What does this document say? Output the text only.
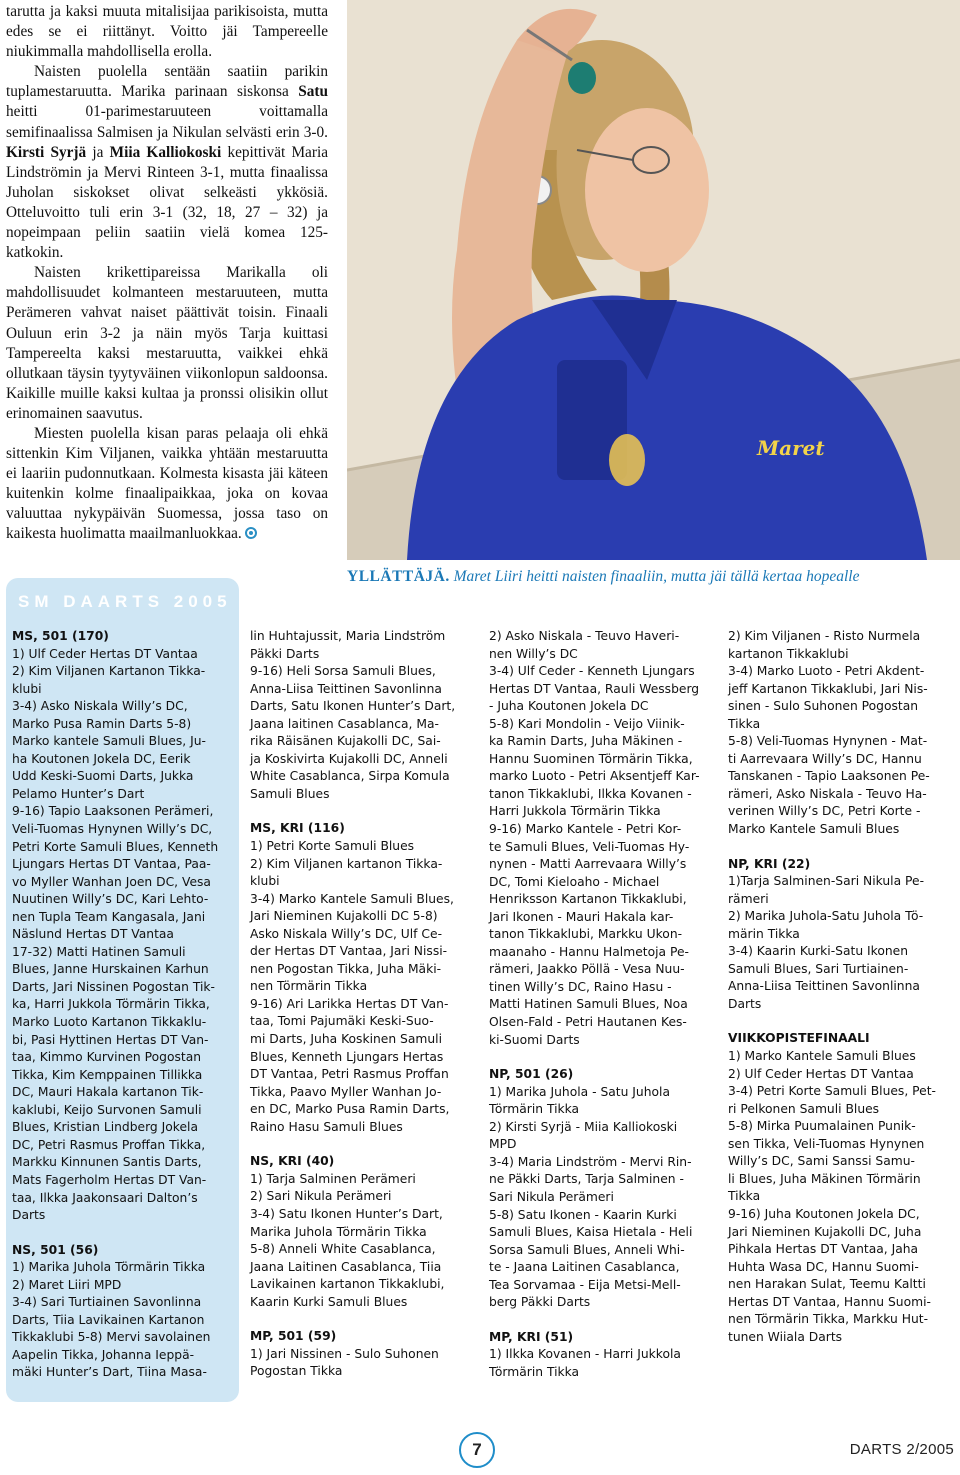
tarutta ja kaksi muuta mitalisijaa parikisoista, mutta edes se ei riittänyt. Voitto jäi Tampereelle niukimmalla mahdollisella erolla.

Naisten puolella sentään saatiin parikin tuplamestaruutta. Marika parinaan siskonsa Satu heitti 01-parimestaruuteen voittamalla semifinaalissa Salmisen ja Nikulan selvästi erin 3-0. Kirsti Syrjä ja Miia Kalliokoski kepittivät Maria Lindströmin ja Mervi Rinteen 3-1, mutta finaalissa Juholan siskokset olivat selkeästi ykkösiä. Otteluvoitto tuli erin 3-1 (32, 18, 27 – 32) ja nopeimpaan peliin saatiin vielä komea 125-katkokin.

Naisten krikettipareissa Marikalla oli mahdollisuudet kolmanteen mestaruuteen, mutta Perämeren vahvat naiset päättivät toisin. Finaali Ouluun erin 3-2 ja näin myös Tarja kuittasi Tampereelta kaksi mestaruutta, vaikkei ehkä ollutkaan täysin tyytyväinen viikonlopun saldoonsa. Kaikille muille kaksi kultaa ja pronssi olisikin ollut erinomainen saavutus.

Miesten puolella kisan paras pelaaja oli ehkä sittenkin Kim Viljanen, vaikka yhtään mestaruutta ei laariin pudonnutkaan. Kolmesta kisasta jäi käteen kuitenkin kolme finaalipaikkaa, joka on kovaa valuuttaa nykypäivän Suomessa, jossa taso on kaikesta huolimatta maailmanluokkaa.

Maret
YLLÄTTÄJÄ. Maret Liiri heitti naisten finaaliin, mutta jäi tällä kertaa hopealle
SM DAARTS 2005
MS, 501 (170)
1) Ulf Ceder Hertas DT Vantaa
2) Kim Viljanen Kartanon Tikka-
klubi
3-4) Asko Niskala Willy’s DC,
Marko Pusa Ramin Darts 5-8)
Marko kantele Samuli Blues, Ju-
ha Koutonen Jokela DC, Eerik
Udd Keski-Suomi Darts, Jukka
Pelamo Hunter’s Dart
9-16) Tapio Laaksonen Perämeri,
Veli-Tuomas Hynynen Willy’s DC,
Petri Korte Samuli Blues, Kenneth
Ljungars Hertas DT Vantaa, Paa-
vo Myller Wanhan Joen DC, Vesa
Nuutinen Willy’s DC, Kari Lehto-
nen Tupla Team Kangasala, Jani
Näslund Hertas DT Vantaa
17-32) Matti Hatinen Samuli
Blues, Janne Hurskainen Karhun
Darts, Jari Nissinen Pogostan Tik-
ka, Harri Jukkola Törmärin Tikka,
Marko Luoto Kartanon Tikkaklu-
bi, Pasi Hyttinen Hertas DT Van-
taa, Kimmo Kurvinen Pogostan
Tikka, Kim Kemppainen Tillikka
DC, Mauri Hakala kartanon Tik-
kaklubi, Keijo Survonen Samuli
Blues, Kristian Lindberg Jokela
DC, Petri Rasmus Proffan Tikka,
Markku Kinnunen Santis Darts,
Mats Fagerholm Hertas DT Van-
taa, Ilkka Jaakonsaari Dalton’s
Darts
NS, 501 (56)
1) Marika Juhola Törmärin Tikka
2) Maret Liiri MPD
3-4) Sari Turtiainen Savonlinna
Darts, Tiia Lavikainen Kartanon
Tikkaklubi 5-8) Mervi savolainen
Aapelin Tikka, Johanna Ieppä-
mäki Hunter’s Dart, Tiina Masa-
lin Huhtajussit, Maria Lindström
Päkki Darts
9-16) Heli Sorsa Samuli Blues,
Anna-Liisa Teittinen Savonlinna
Darts, Satu Ikonen Hunter’s Dart,
Jaana laitinen Casablanca, Ma-
rika Räisänen Kujakolli DC, Sai-
ja Koskivirta Kujakolli DC, Anneli
White Casablanca, Sirpa Komula
Samuli Blues
MS, KRI (116)
1) Petri Korte Samuli Blues
2) Kim Viljanen kartanon Tikka-
klubi
3-4) Marko Kantele Samuli Blues,
Jari Nieminen Kujakolli DC 5-8)
Asko Niskala Willy’s DC, Ulf Ce-
der Hertas DT Vantaa, Jari Nissi-
nen Pogostan Tikka, Juha Mäki-
nen Törmärin Tikka
9-16) Ari Larikka Hertas DT Van-
taa, Tomi Pajumäki Keski-Suo-
mi Darts, Juha Koskinen Samuli
Blues, Kenneth Ljungars Hertas
DT Vantaa, Petri Rasmus Proffan
Tikka, Paavo Myller Wanhan Jo-
en DC, Marko Pusa Ramin Darts,
Raino Hasu Samuli Blues
NS, KRI (40)
1) Tarja Salminen Perämeri
2) Sari Nikula Perämeri
3-4) Satu Ikonen Hunter’s Dart,
Marika Juhola Törmärin Tikka
5-8) Anneli White Casablanca,
Jaana Laitinen Casablanca, Tiia
Lavikainen kartanon Tikkaklubi,
Kaarin Kurki Samuli Blues
MP, 501 (59)
1) Jari Nissinen - Sulo Suhonen
Pogostan Tikka
2) Asko Niskala - Teuvo Haveri-
nen Willy’s DC
3-4) Ulf Ceder - Kenneth Ljungars
Hertas DT Vantaa, Rauli Wessberg
- Juha Koutonen Jokela DC
5-8) Kari Mondolin - Veijo Viinik-
ka Ramin Darts, Juha Mäkinen -
Hannu Suominen Törmärin Tikka,
marko Luoto - Petri Aksentjeff Kar-
tanon Tikkaklubi, Ilkka Kovanen -
Harri Jukkola Törmärin Tikka
9-16) Marko Kantele - Petri Kor-
te Samuli Blues, Veli-Tuomas Hy-
nynen - Matti Aarrevaara Willy’s
DC, Tomi Kieloaho - Michael
Henriksson Kartanon Tikkaklubi,
Jari Ikonen - Mauri Hakala kar-
tanon Tikkaklubi, Markku Ukon-
maanaho - Hannu Halmetoja Pe-
rämeri, Jaakko Pöllä - Vesa Nuu-
tinen Willy’s DC, Raino Hasu -
Matti Hatinen Samuli Blues, Noa
Olsen-Fald - Petri Hautanen Kes-
ki-Suomi Darts
NP, 501 (26)
1) Marika Juhola - Satu Juhola
Törmärin Tikka
2) Kirsti Syrjä - Miia Kalliokoski
MPD
3-4) Maria Lindström - Mervi Rin-
ne Päkki Darts, Tarja Salminen -
Sari Nikula Perämeri
5-8) Satu Ikonen - Kaarin Kurki
Samuli Blues, Kaisa Hietala - Heli
Sorsa Samuli Blues, Anneli Whi-
te - Jaana Laitinen Casablanca,
Tea Sorvamaa - Eija Metsi-Mell-
berg Päkki Darts
MP, KRI (51)
1) Ilkka Kovanen - Harri Jukkola
Törmärin Tikka
2) Kim Viljanen - Risto Nurmela
kartanon Tikkaklubi
3-4) Marko Luoto - Petri Akdent-
jeff Kartanon Tikkaklubi, Jari Nis-
sinen - Sulo Suhonen Pogostan
Tikka
5-8) Veli-Tuomas Hynynen - Mat-
ti Aarrevaara Willy’s DC, Hannu
Tanskanen - Tapio Laaksonen Pe-
rämeri, Asko Niskala - Teuvo Ha-
verinen Willy’s DC, Petri Korte -
Marko Kantele Samuli Blues
NP, KRI (22)
1)Tarja Salminen-Sari Nikula Pe-
rämeri
2) Marika Juhola-Satu Juhola Tö-
märin Tikka
3-4) Kaarin Kurki-Satu Ikonen
Samuli Blues, Sari Turtiainen-
Anna-Liisa Teittinen Savonlinna
Darts
VIIKKOPISTEFINAALI
1) Marko Kantele Samuli Blues
2) Ulf Ceder Hertas DT Vantaa
3-4) Petri Korte Samuli Blues, Pet-
ri Pelkonen Samuli Blues
5-8) Mirka Puumalainen Punik-
sen Tikka, Veli-Tuomas Hynynen
Willy’s DC, Sami Sanssi Samu-
li Blues, Juha Mäkinen Törmärin
Tikka
9-16) Juha Koutonen Jokela DC,
Jari Nieminen Kujakolli DC, Juha
Pihkala Hertas DT Vantaa, Jaha
Huhta Wasa DC, Hannu Suomi-
nen Harakan Sulat, Teemu Kaltti
Hertas DT Vantaa, Hannu Suomi-
nen Törmärin Tikka, Markku Hut-
tunen Wiiala Darts
7	DARTS 2/2005
